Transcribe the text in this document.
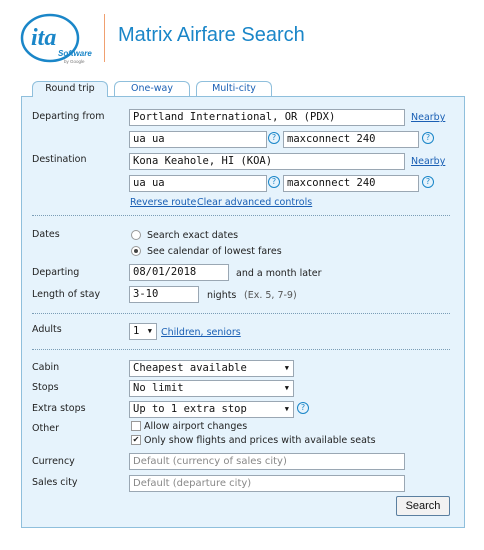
ita
Software
by Google
Matrix Airfare Search
Round trip	One-way	Multi-city
Departing from	Portland International, OR (PDX)	Nearby
ua ua	?	maxconnect 240	?
Destination	Kona Keahole, HI (KOA)	Nearby
ua ua	?	maxconnect 240	?
Reverse route Clear advanced controls
Dates	Search exact dates
See calendar of lowest fares
Departing	08/01/2018	and a month later
Length of stay	3-10	nights (Ex. 5, 7-9)
Adults	1 ▼ Children, seniors
Cabin	Cheapest available	▼
Stops	No limit	▼
Extra stops	Up to 1 extra stop	▼	?
Other	Allow airport changes
✔ Only show flights and prices with available seats
Currency	Default (currency of sales city)
Sales city	Default (departure city)
Search
